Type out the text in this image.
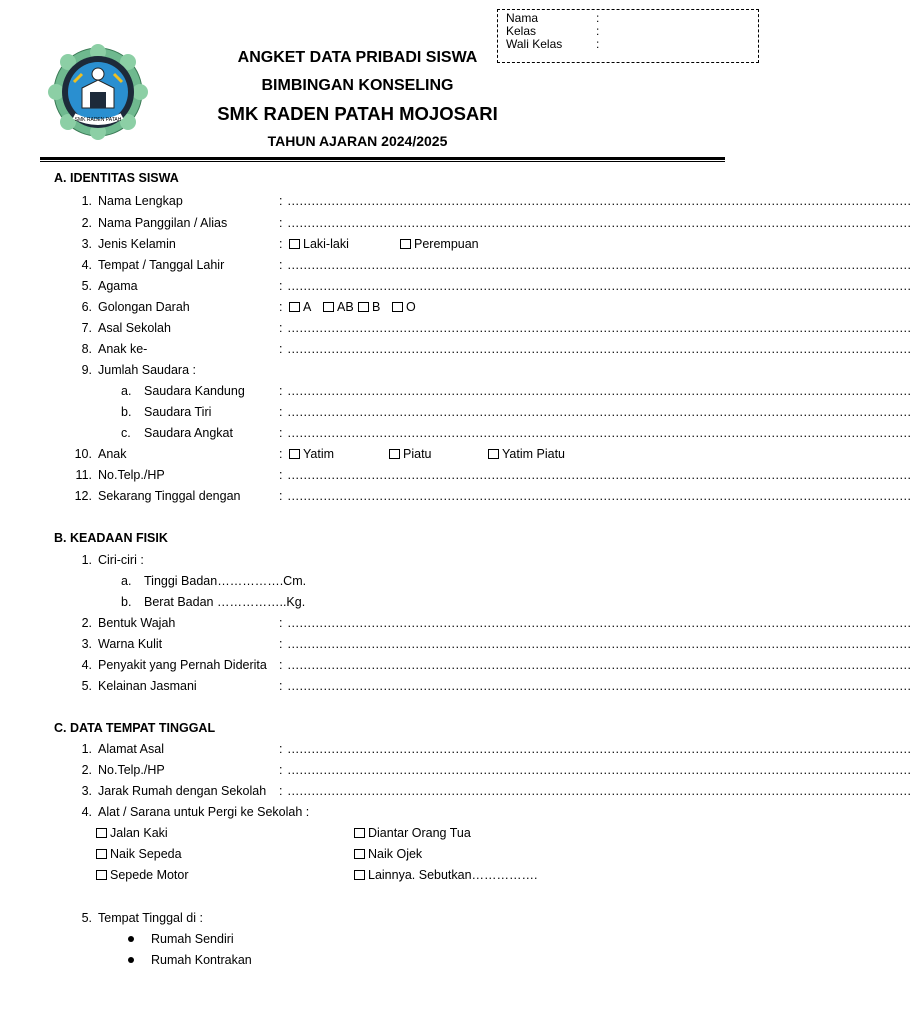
Nama	:
Kelas	:
Wali Kelas	:
SMK RADEN PATAH
ANGKET DATA PRIBADI SISWA
BIMBINGAN KONSELING
SMK RADEN PATAH MOJOSARI
TAHUN AJARAN 2024/2025
A. IDENTITAS SISWA
1. Nama Lengkap	: …………………………………………………………………………………………………………………………………………
2. Nama Panggilan / Alias	: …………………………………………………………………………………………………………………………………………
3. Jenis Kelamin	:	Laki-laki	Perempuan
4. Tempat / Tanggal Lahir	: …………………………………………………………………………………………………………………………………………
5. Agama	: …………………………………………………………………………………………………………………………………………
6. Golongan Darah	:	A	AB	B	O
7. Asal Sekolah	: …………………………………………………………………………………………………………………………………………
8. Anak ke-	: …………………………………………………………………………………………………………………………………………
9. Jumlah Saudara :
a. Saudara Kandung	: …………………………………………………………………………………………………………………………………………
b. Saudara Tiri	: …………………………………………………………………………………………………………………………………………
c. Saudara Angkat	: …………………………………………………………………………………………………………………………………………
10. Anak	:	Yatim	Piatu	Yatim Piatu
11. No.Telp./HP	: …………………………………………………………………………………………………………………………………………
12. Sekarang Tinggal dengan	: …………………………………………………………………………………………………………………………………………
B. KEADAAN FISIK
1. Ciri-ciri :
a. Tinggi Badan…………….Cm.
b. Berat Badan ……………..Kg.
2. Bentuk Wajah	: …………………………………………………………………………………………………………………………………………
3. Warna Kulit	: …………………………………………………………………………………………………………………………………………
4. Penyakit yang Pernah Diderita : …………………………………………………………………………………………………………………………………………
5. Kelainan Jasmani	: …………………………………………………………………………………………………………………………………………
C. DATA TEMPAT TINGGAL
1. Alamat Asal	: …………………………………………………………………………………………………………………………………………
2. No.Telp./HP	: …………………………………………………………………………………………………………………………………………
3. Jarak Rumah dengan Sekolah : …………………………………………………………………………………………………………………………………………
4. Alat / Sarana untuk Pergi ke Sekolah :
Jalan Kaki	Diantar Orang Tua
Naik Sepeda	Naik Ojek
Sepede Motor	Lainnya. Sebutkan…………….
5. Tempat Tinggal di :
Rumah Sendiri
Rumah Kontrakan
